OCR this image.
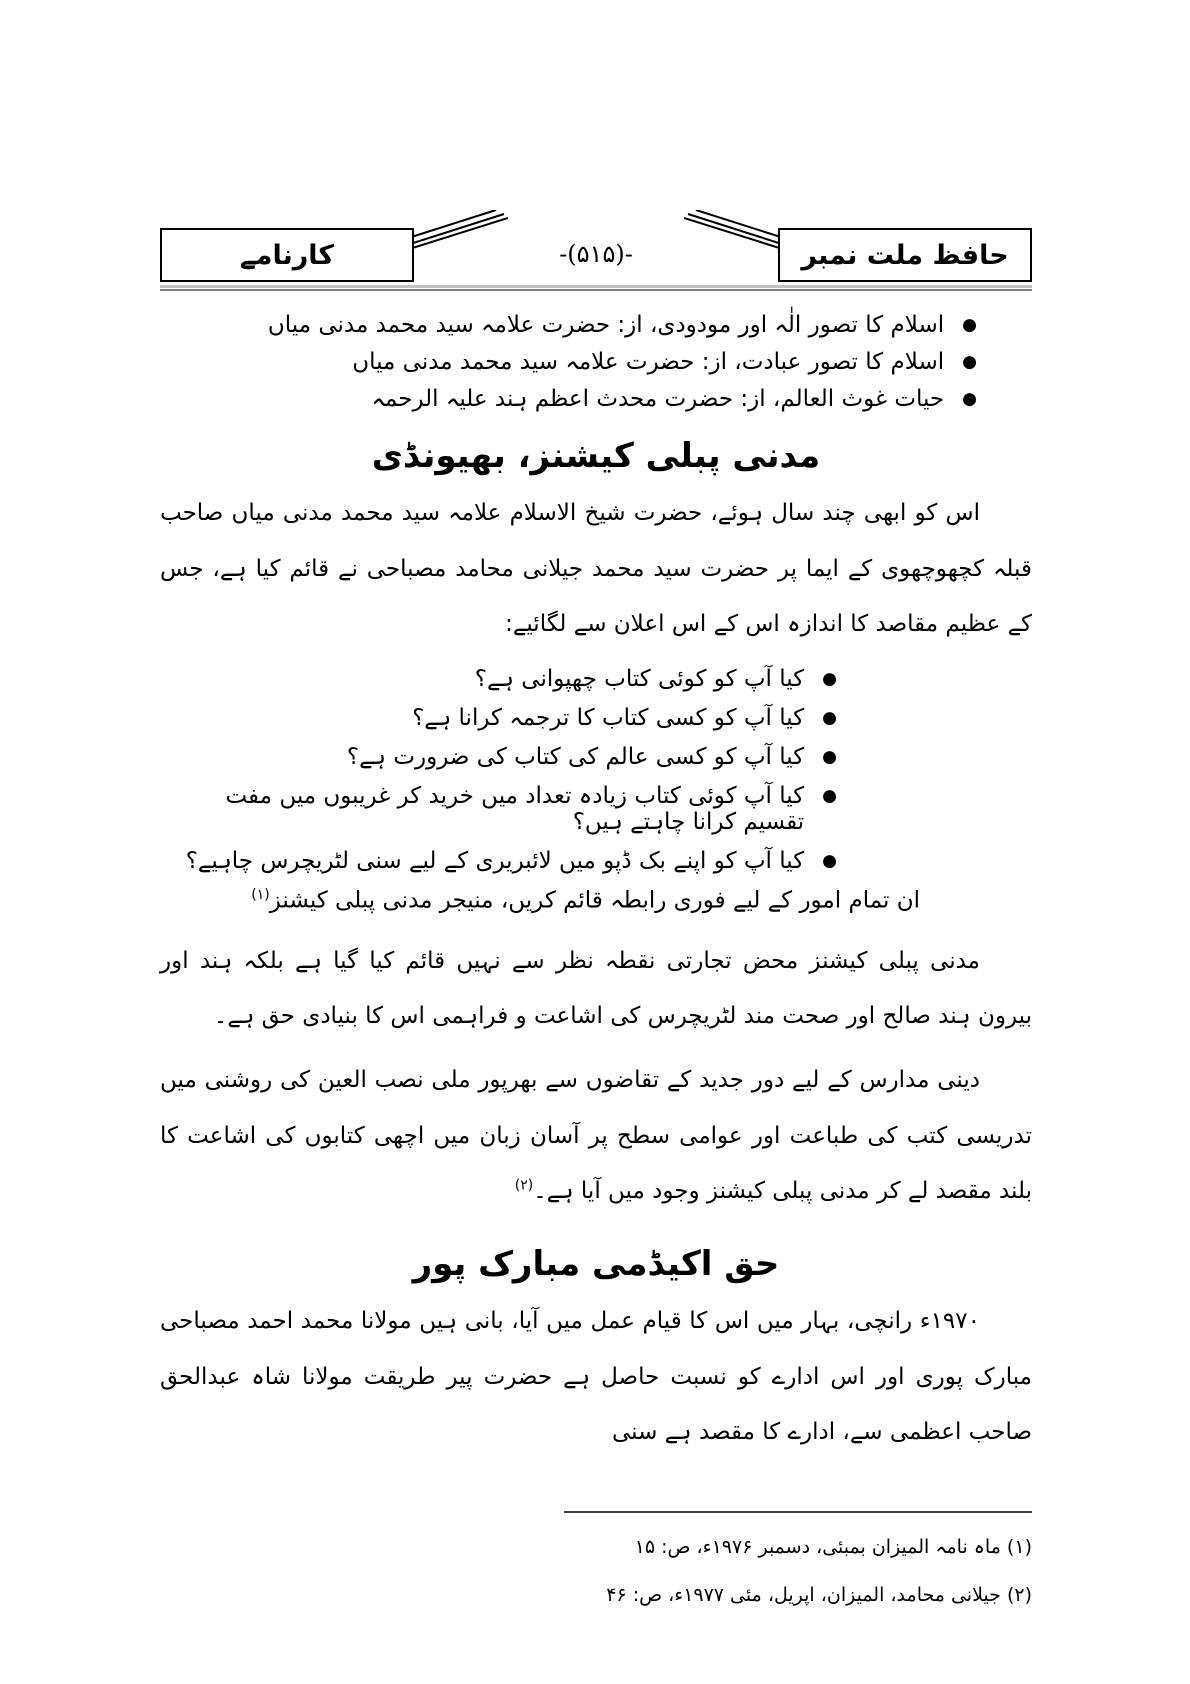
کارنامے	-(۵۱۵)-	حافظ ملت نمبر
●
اسلام کا تصور الٰہ اور مودودی، از: حضرت علامہ سید محمد مدنی میاں
●
اسلام کا تصور عبادت، از: حضرت علامہ سید محمد مدنی میاں
●
حیات غوث العالم، از: حضرت محدث اعظم ہند علیہ الرحمہ
مدنی پبلی کیشنز، بھیونڈی

اس کو ابھی چند سال ہوئے، حضرت شیخ الاسلام علامہ سید محمد مدنی میاں صاحب قبلہ کچھوچھوی کے ایما پر حضرت سید محمد جیلانی محامد مصباحی نے قائم کیا ہے، جس کے عظیم مقاصد کا اندازہ اس کے اس اعلان سے لگائیے:

●
کیا آپ کو کوئی کتاب چھپوانی ہے؟
●
کیا آپ کو کسی کتاب کا ترجمہ کرانا ہے؟
●
کیا آپ کو کسی عالم کی کتاب کی ضرورت ہے؟
●
کیا آپ کوئی کتاب زیادہ تعداد میں خرید کر غریبوں میں مفت تقسیم کرانا چاہتے ہیں؟
●
کیا آپ کو اپنے بک ڈپو میں لائبریری کے لیے سنی لٹریچرس چاہیے؟

ان تمام امور کے لیے فوری رابطہ قائم کریں، منیجر مدنی پبلی کیشنز$^{(۱)}$

مدنی پبلی کیشنز محض تجارتی نقطہ نظر سے نہیں قائم کیا گیا ہے بلکہ ہند اور بیرون ہند صالح اور صحت مند لٹریچرس کی اشاعت و فراہمی اس کا بنیادی حق ہے۔

دینی مدارس کے لیے دور جدید کے تقاضوں سے بھرپور ملی نصب العین کی روشنی میں تدریسی کتب کی طباعت اور عوامی سطح پر آسان زبان میں اچھی کتابوں کی اشاعت کا بلند مقصد لے کر مدنی پبلی کیشنز وجود میں آیا ہے۔$^{(۲)}$

حق اکیڈمی مبارک پور

۱۹۷۰ء رانچی، بہار میں اس کا قیام عمل میں آیا، بانی ہیں مولانا محمد احمد مصباحی مبارک پوری اور اس ادارے کو نسبت حاصل ہے حضرت پیر طریقت مولانا شاہ عبدالحق صاحب اعظمی سے، ادارے کا مقصد ہے سنی

(۱) ماہ نامہ المیزان بمبئی، دسمبر ۱۹۷۶ء، ص: ۱۵

(۲) جیلانی محامد، المیزان، اپریل، مئی ۱۹۷۷ء، ص: ۴۶
